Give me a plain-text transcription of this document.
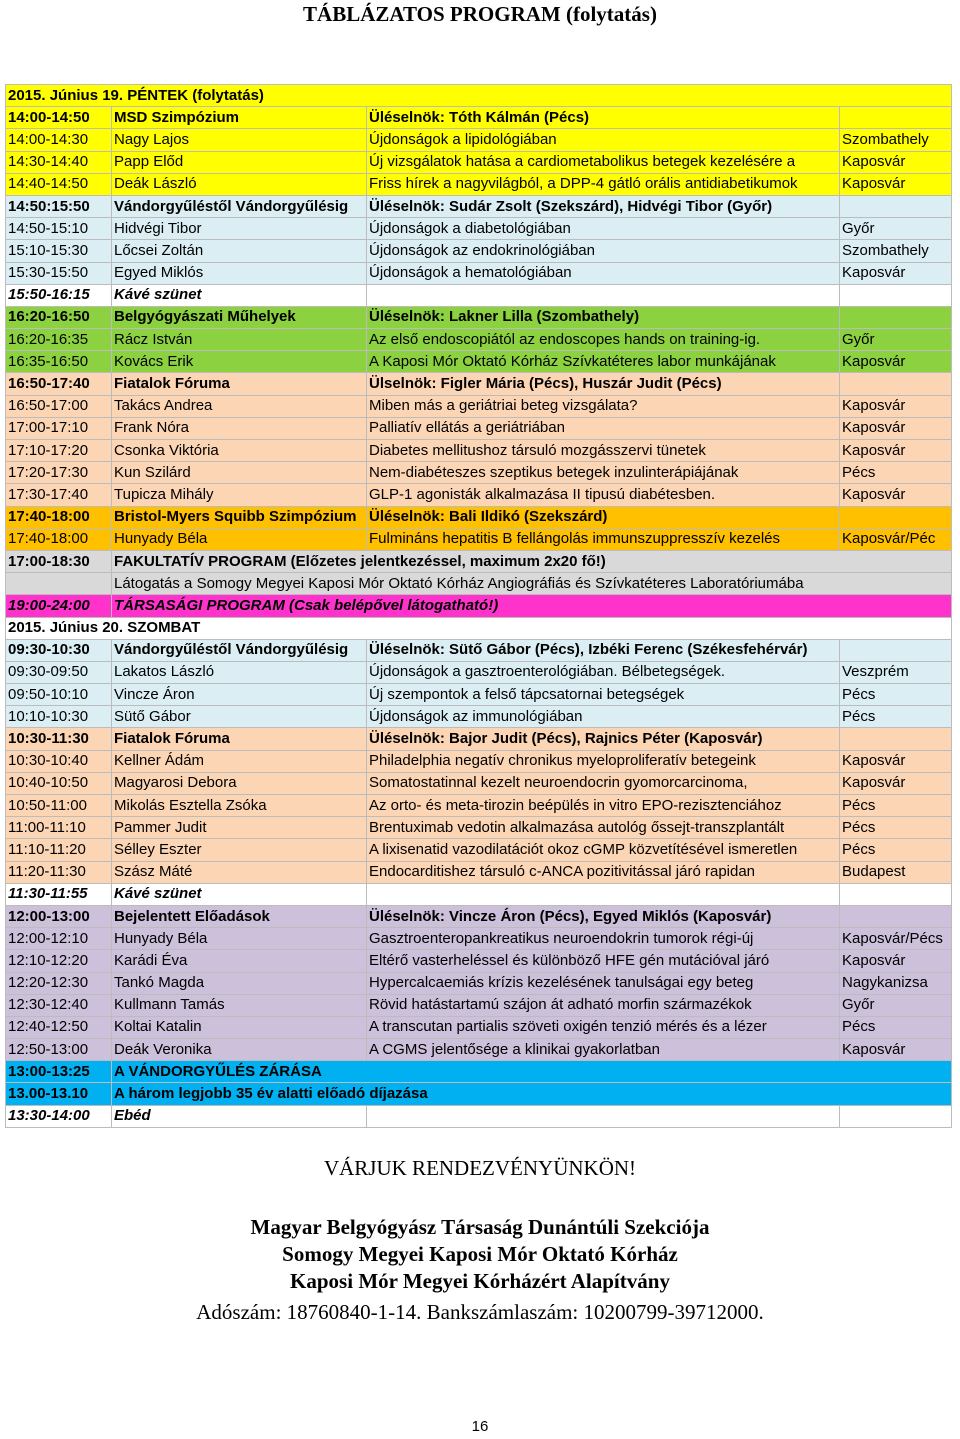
TÁBLÁZATOS PROGRAM (folytatás)
2015. Június 19. PÉNTEK (folytatás)			
14:00-14:50	MSD Szimpózium	Üléselnök: Tóth Kálmán (Pécs)	
14:00-14:30	Nagy Lajos	Újdonságok a lipidológiában	Szombathely
14:30-14:40	Papp Előd	Új vizsgálatok hatása a cardiometabolikus betegek kezelésére a	Kaposvár
14:40-14:50	Deák László	Friss hírek a nagyvilágból, a DPP-4 gátló orális antidiabetikumok	Kaposvár
14:50:15:50	Vándorgyűléstől Vándorgyűlésig	Üléselnök: Sudár Zsolt (Szekszárd), Hidvégi Tibor (Győr)	
14:50-15:10	Hidvégi Tibor	Újdonságok a diabetológiában	Győr
15:10-15:30	Lőcsei Zoltán	Újdonságok az endokrinológiában	Szombathely
15:30-15:50	Egyed Miklós	Újdonságok a hematológiában	Kaposvár
15:50-16:15	Kávé szünet		
16:20-16:50	Belgyógyászati Műhelyek	Üléselnök: Lakner Lilla (Szombathely)	
16:20-16:35	Rácz István	Az első endoscopiától az endoscopes hands on training-ig.	Győr
16:35-16:50	Kovács Erik	A Kaposi Mór Oktató Kórház Szívkatéteres labor munkájának	Kaposvár
16:50-17:40	Fiatalok Fóruma	Ülselnök: Figler Mária (Pécs), Huszár Judit (Pécs)	
16:50-17:00	Takács Andrea	Miben más a geriátriai beteg vizsgálata?	Kaposvár
17:00-17:10	Frank Nóra	Palliatív ellátás a geriátriában	Kaposvár
17:10-17:20	Csonka Viktória	Diabetes mellitushoz társuló mozgásszervi tünetek	Kaposvár
17:20-17:30	Kun Szilárd	Nem-diabéteszes szeptikus betegek inzulinterápiájának	Pécs
17:30-17:40	Tupicza Mihály	GLP-1 agonisták alkalmazása II tipusú diabétesben.	Kaposvár
17:40-18:00	Bristol-Myers Squibb Szimpózium	Üléselnök: Bali Ildikó (Szekszárd)	
17:40-18:00	Hunyady Béla	Fulmináns hepatitis B fellángolás immunszuppresszív kezelés	Kaposvár/Péc
17:00-18:30	FAKULTATÍV PROGRAM (Előzetes jelentkezéssel, maximum 2x20 fő!)		
	Látogatás a Somogy Megyei Kaposi Mór Oktató Kórház Angiográfiás és Szívkatéteres Laboratóriumába		
19:00-24:00	TÁRSASÁGI PROGRAM (Csak belépővel látogatható!)		
2015. Június 20. SZOMBAT			
09:30-10:30	Vándorgyűléstől Vándorgyűlésig	Üléselnök: Sütő Gábor (Pécs), Izbéki Ferenc (Székesfehérvár)	
09:30-09:50	Lakatos László	Újdonságok a gasztroenterológiában. Bélbetegségek.	Veszprém
09:50-10:10	Vincze Áron	Új szempontok a felső tápcsatornai betegségek	Pécs
10:10-10:30	Sütő Gábor	Újdonságok az immunológiában	Pécs
10:30-11:30	Fiatalok Fóruma	Üléselnök: Bajor Judit (Pécs), Rajnics Péter (Kaposvár)	
10:30-10:40	Kellner Ádám	Philadelphia negatív chronikus myeloproliferatív betegeink	Kaposvár
10:40-10:50	Magyarosi Debora	Somatostatinnal kezelt neuroendocrin gyomorcarcinoma,	Kaposvár
10:50-11:00	Mikolás Esztella Zsóka	Az orto- és meta-tirozin beépülés in vitro EPO-rezisztenciához	Pécs
11:00-11:10	Pammer Judit	Brentuximab vedotin alkalmazása autológ őssejt-transzplantált	Pécs
11:10-11:20	Sélley Eszter	A lixisenatid vazodilatációt okoz cGMP közvetítésével ismeretlen	Pécs
11:20-11:30	Szász Máté	Endocarditishez társuló c-ANCA pozitivitással járó rapidan	Budapest
11:30-11:55	Kávé szünet		
12:00-13:00	Bejelentett Előadások	Üléselnök: Vincze Áron (Pécs), Egyed Miklós (Kaposvár)	
12:00-12:10	Hunyady Béla	Gasztroenteropankreatikus neuroendokrin tumorok régi-új	Kaposvár/Pécs
12:10-12:20	Karádi Éva	Eltérő vasterheléssel és különböző HFE gén mutációval járó	Kaposvár
12:20-12:30	Tankó Magda	Hypercalcaemiás krízis kezelésének tanulságai egy beteg	Nagykanizsa
12:30-12:40	Kullmann Tamás	Rövid hatástartamú szájon át adható morfin származékok	Győr
12:40-12:50	Koltai Katalin	A transcutan partialis szöveti oxigén tenzió mérés és a lézer	Pécs
12:50-13:00	Deák Veronika	A CGMS jelentősége a klinikai gyakorlatban	Kaposvár
13:00-13:25	A VÁNDORGYŰLÉS ZÁRÁSA		
13.00-13.10	A három legjobb 35 év alatti előadó díjazása		
13:30-14:00	Ebéd		

VÁRJUK RENDEZVÉNYÜNKÖN!

Magyar Belgyógyász Társaság Dunántúli Szekciója

Somogy Megyei Kaposi Mór Oktató Kórház

Kaposi Mór Megyei Kórházért Alapítvány

Adószám: 18760840-1-14. Bankszámlaszám: 10200799-39712000.

16
